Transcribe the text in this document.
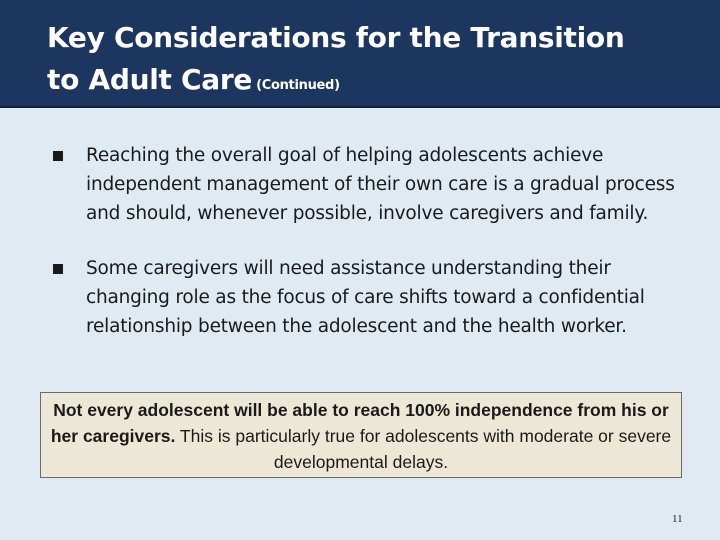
Key Considerations for the Transition
to Adult Care (Continued)
Reaching the overall goal of helping adolescents achieve independent management of their own care is a gradual process and should, whenever possible, involve caregivers and family.
Some caregivers will need assistance understanding their changing role as the focus of care shifts toward a confidential relationship between the adolescent and the health worker.
Not every adolescent will be able to reach 100% independence from his or her caregivers. This is particularly true for adolescents with moderate or severe developmental delays.
11
